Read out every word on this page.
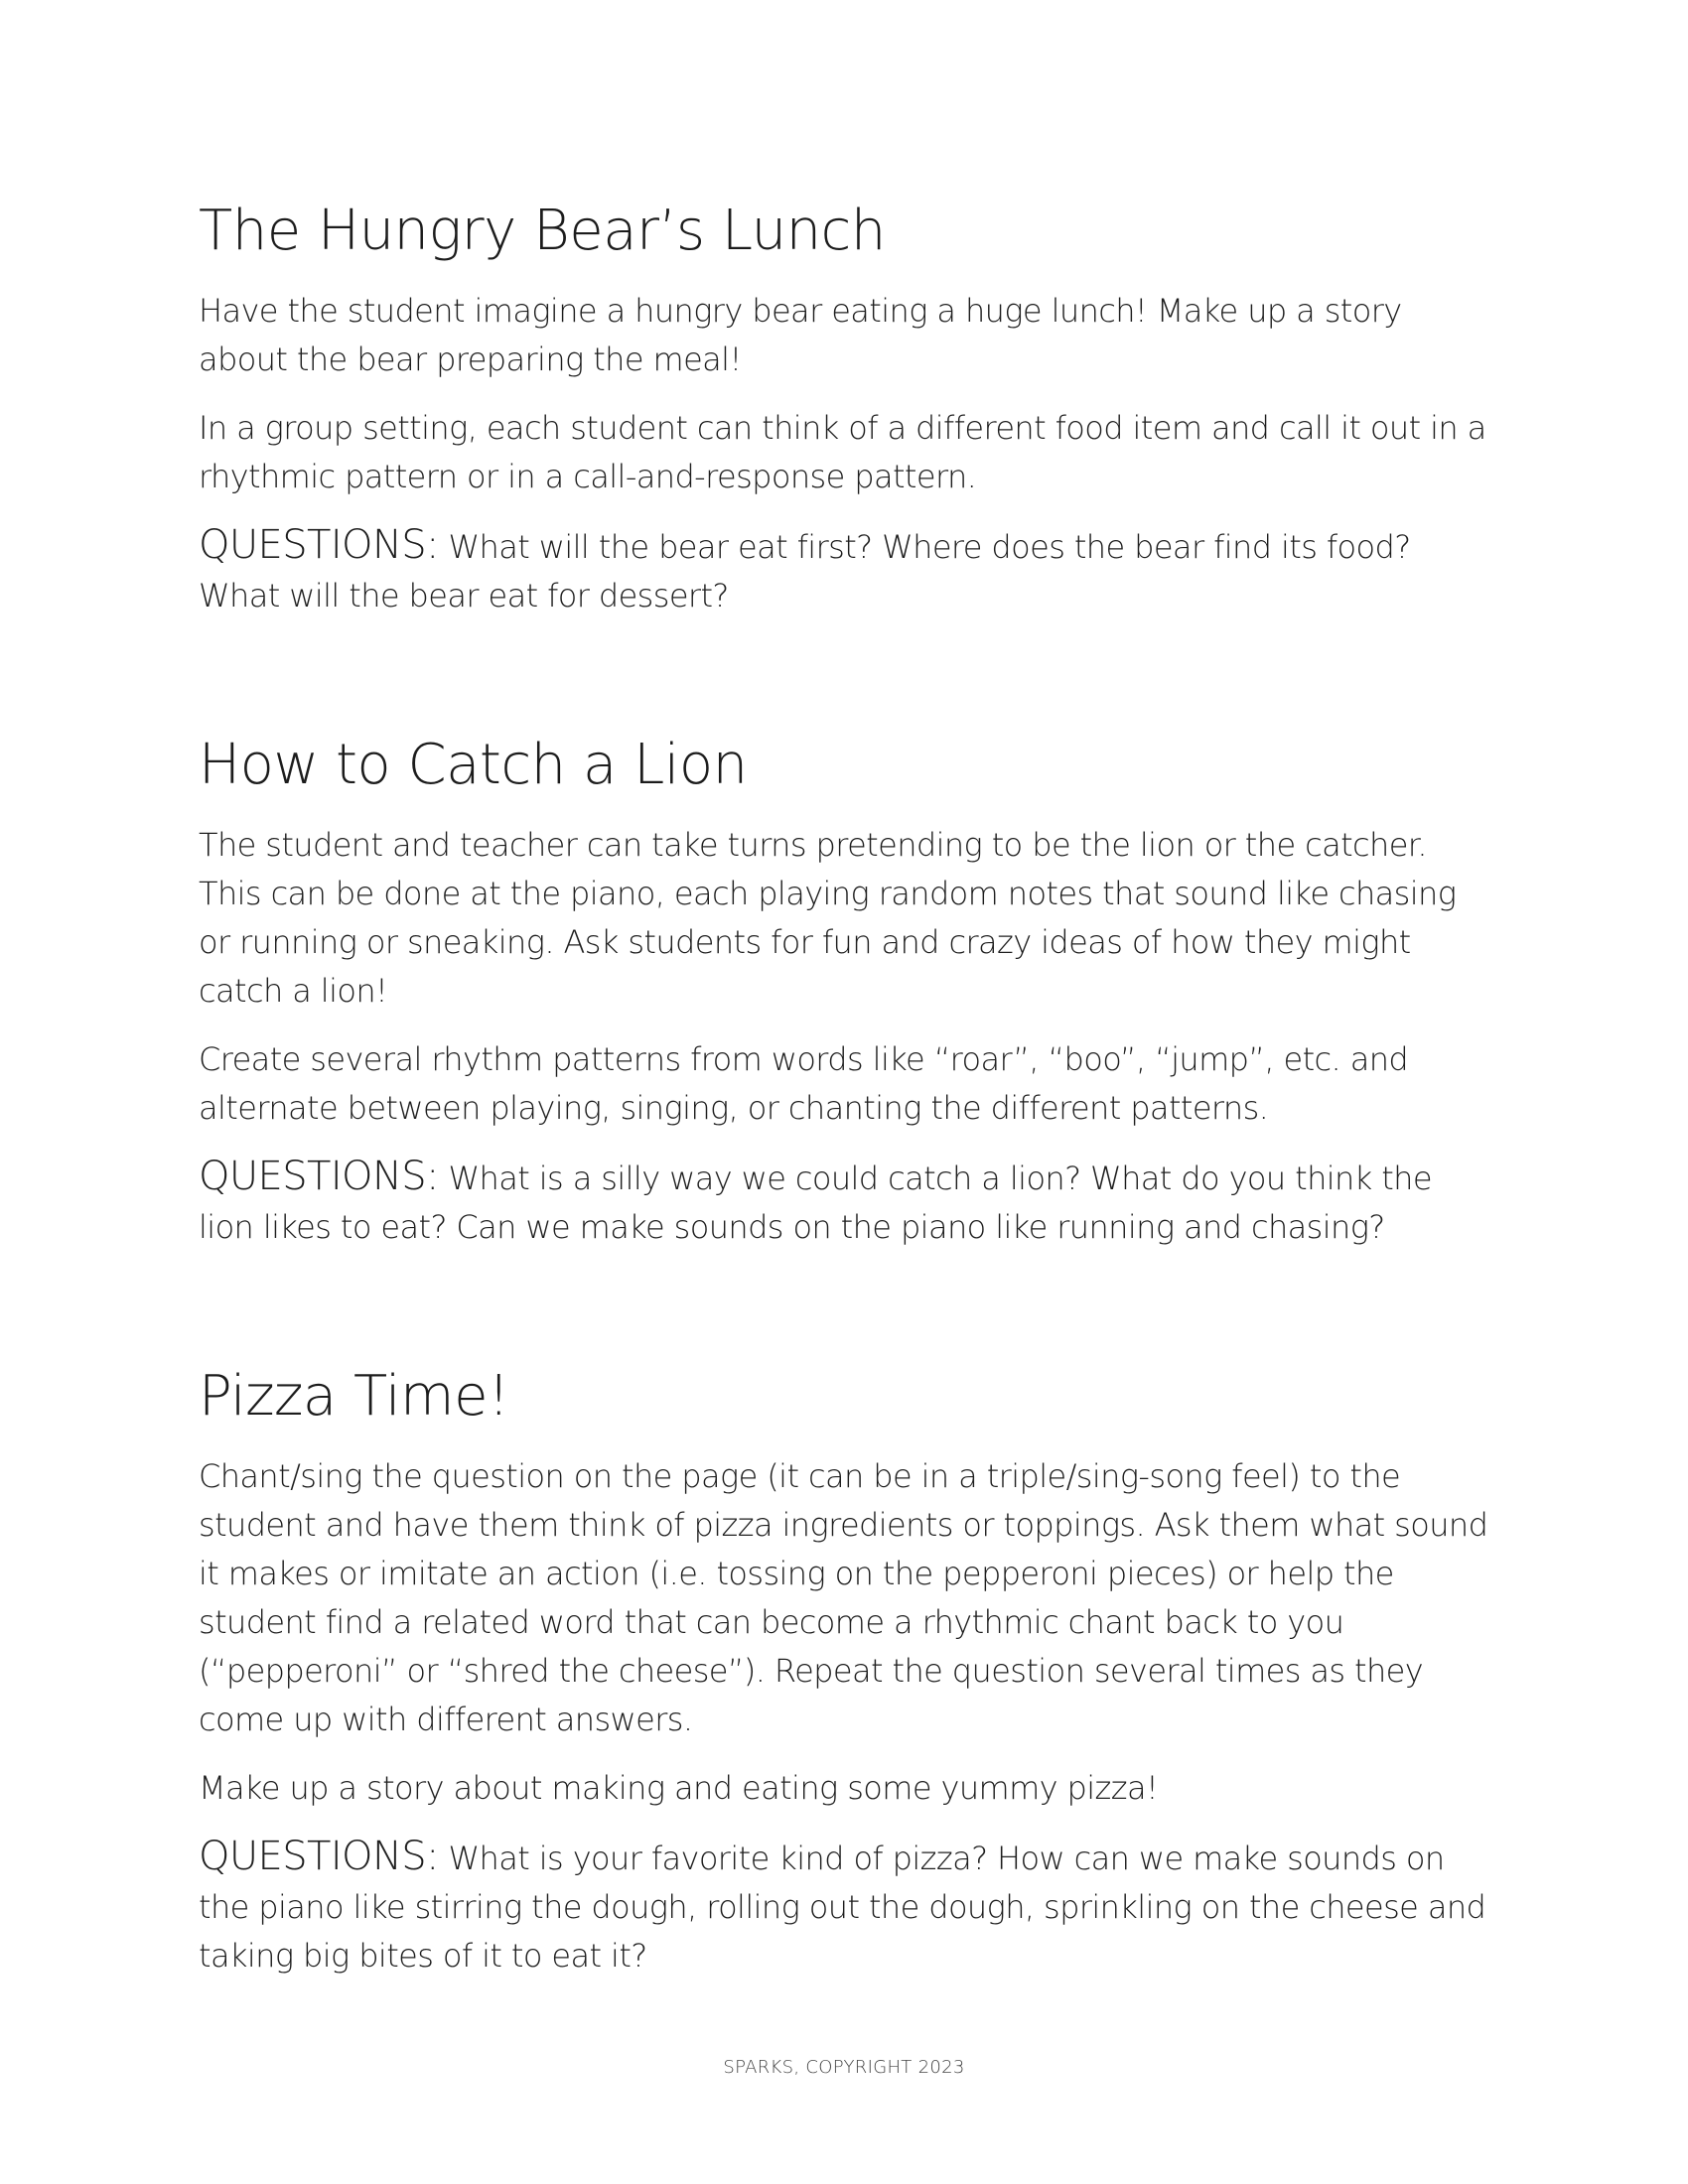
The Hungry Bear’s Lunch

Have the student imagine a hungry bear eating a huge lunch! Make up a story about the bear preparing the meal!

In a group setting, each student can think of a different food item and call it out in a rhythmic pattern or in a call-and-response pattern.

QUESTIONS: What will the bear eat first? Where does the bear find its food? What will the bear eat for dessert?

How to Catch a Lion

The student and teacher can take turns pretending to be the lion or the catcher. This can be done at the piano, each playing random notes that sound like chasing or running or sneaking. Ask students for fun and crazy ideas of how they might catch a lion!

Create several rhythm patterns from words like “roar”, “boo”, “jump”, etc. and alternate between playing, singing, or chanting the different patterns.

QUESTIONS: What is a silly way we could catch a lion? What do you think the lion likes to eat? Can we make sounds on the piano like running and chasing?

Pizza Time!

Chant/sing the question on the page (it can be in a triple/sing-song feel) to the student and have them think of pizza ingredients or toppings. Ask them what sound it makes or imitate an action (i.e. tossing on the pepperoni pieces) or help the student find a related word that can become a rhythmic chant back to you (“pepperoni” or “shred the cheese”). Repeat the question several times as they come up with different answers.

Make up a story about making and eating some yummy pizza!

QUESTIONS: What is your favorite kind of pizza? How can we make sounds on the piano like stirring the dough, rolling out the dough, sprinkling on the cheese and taking big bites of it to eat it?

SPARKS, COPYRIGHT 2023
